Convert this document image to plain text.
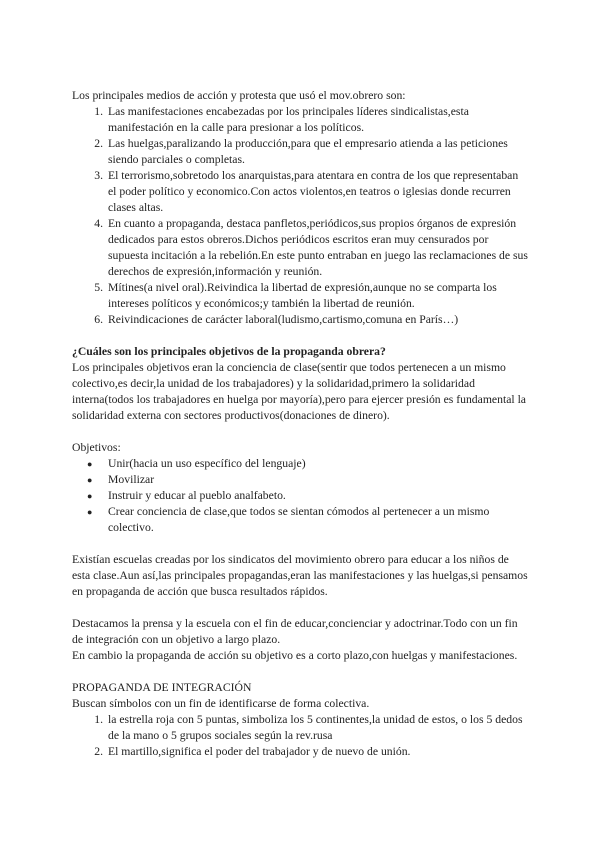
Los principales medios de acción y protesta que usó el mov.obrero son:

1. Las manifestaciones encabezadas por los principales líderes sindicalistas,esta manifestación en la calle para presionar a los políticos.
2. Las huelgas,paralizando la producción,para que el empresario atienda a las peticiones siendo parciales o completas.
3. El terrorismo,sobretodo los anarquistas,para atentara en contra de los que representaban el poder político y economico.Con actos violentos,en teatros o iglesias donde recurren clases altas.
4. En cuanto a propaganda, destaca panfletos,periódicos,sus propios órganos de expresión dedicados para estos obreros.Dichos periódicos escritos eran muy censurados por supuesta incitación a la rebelión.En este punto entraban en juego las reclamaciones de sus derechos de expresión,información y reunión.
5. Mítines(a nivel oral).Reivindica la libertad de expresión,aunque no se comparta los intereses políticos y económicos;y también la libertad de reunión.
6. Reivindicaciones de carácter laboral(ludismo,cartismo,comuna en París…)

¿Cuáles son los principales objetivos de la propaganda obrera?

Los principales objetivos eran la conciencia de clase(sentir que todos pertenecen a un mismo colectivo,es decir,la unidad de los trabajadores) y la solidaridad,primero la solidaridad interna(todos los trabajadores en huelga por mayoría),pero para ejercer presión es fundamental la solidaridad externa con sectores productivos(donaciones de dinero).

Objetivos:

● Unir(hacia un uso específico del lenguaje)
● Movilizar
● Instruir y educar al pueblo analfabeto.
● Crear conciencia de clase,que todos se sientan cómodos al pertenecer a un mismo colectivo.

Existían escuelas creadas por los sindicatos del movimiento obrero para educar a los niños de esta clase.Aun así,las principales propagandas,eran las manifestaciones y las huelgas,si pensamos en propaganda de acción que busca resultados rápidos.

Destacamos la prensa y la escuela con el fin de educar,concienciar y adoctrinar.Todo con un fin de integración con un objetivo a largo plazo.

En cambio la propaganda de acción su objetivo es a corto plazo,con huelgas y manifestaciones.

PROPAGANDA DE INTEGRACIÓN

Buscan símbolos con un fin de identificarse de forma colectiva.

1. la estrella roja con 5 puntas, simboliza los 5 continentes,la unidad de estos, o los 5 dedos de la mano o 5 grupos sociales según la rev.rusa
2. El martillo,significa el poder del trabajador y de nuevo de unión.
